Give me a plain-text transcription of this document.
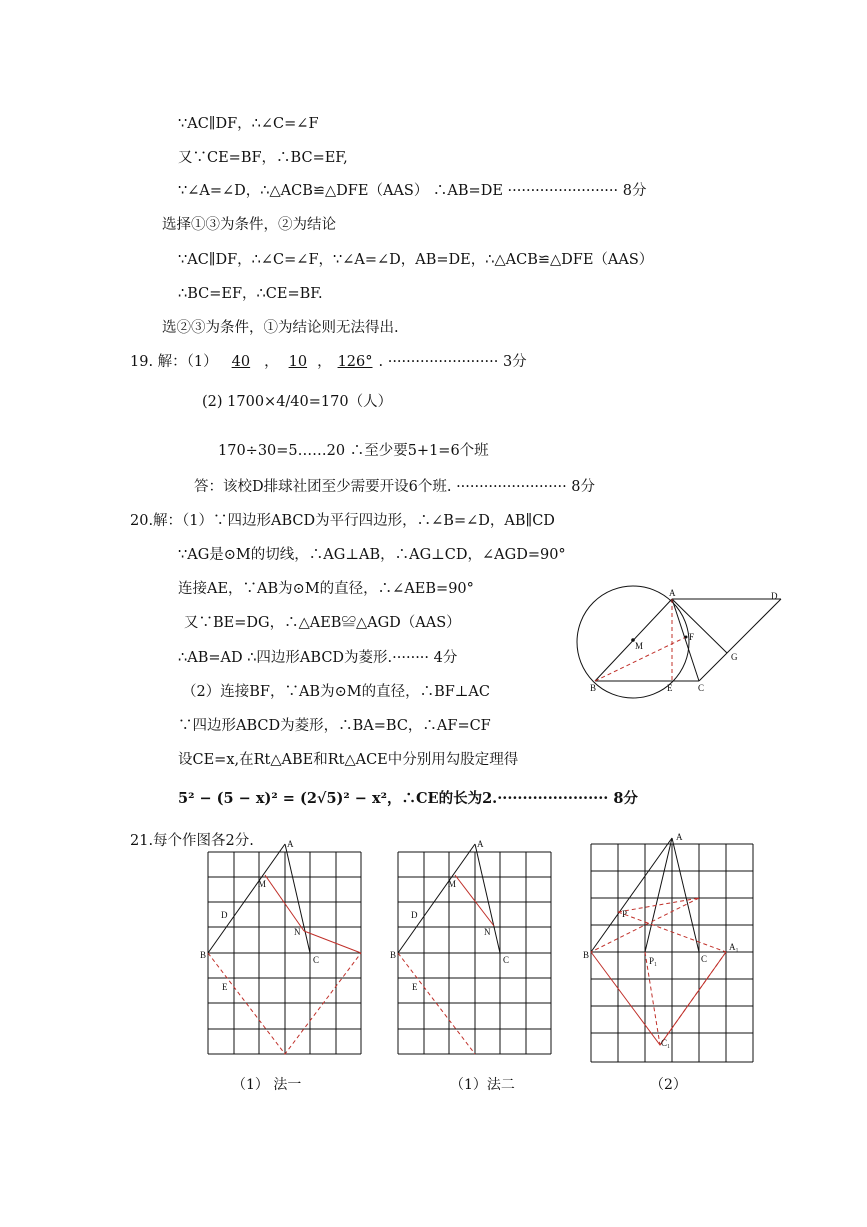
∵AC∥DF，∴∠C=∠F
又∵CE=BF，∴BC=EF,
∵∠A=∠D，∴△ACB≌△DFE（AAS） ∴AB=DE ························ 8分
选择①③为条件，②为结论
∵AC∥DF，∴∠C=∠F，∵∠A=∠D，AB=DE，∴△ACB≌△DFE（AAS）
∴BC=EF，∴CE=BF.
选②③为条件，①为结论则无法得出.
19. 解：（1） 40 ， 10 ， 126° . ························ 3分
(2) 1700×4/40=170（人）
170÷30=5……20 ∴至少要5+1=6个班
答：该校D排球社团至少需要开设6个班. ························ 8分
20.解：（1）∵四边形ABCD为平行四边形，∴∠B=∠D，AB∥CD
∵AG是⊙M的切线，∴AG⊥AB，∴AG⊥CD，∠AGD=90°
连接AE，∵AB为⊙M的直径，∴∠AEB=90°
又∵BE=DG，∴△AEB≌△AGD（AAS）
∴AB=AD ∴四边形ABCD为菱形.········ 4分
（2）连接BF，∵AB为⊙M的直径，∴BF⊥AC
∵四边形ABCD为菱形，∴BA=BC，∴AF=CF
设CE=x,在Rt△ABE和Rt△ACE中分别用勾股定理得
5² − (5 − x)² = (2√5)² − x²，∴CE的长为2.······················ 8分
21.每个作图各2分.
A	D
M
F
G
B	E	C
A
M
D
N
B	C
E
A
M
D
N
B	C
E
A
P
B
P₁	C
A₁
C₁
（1） 法一	（1）法二	（2）
